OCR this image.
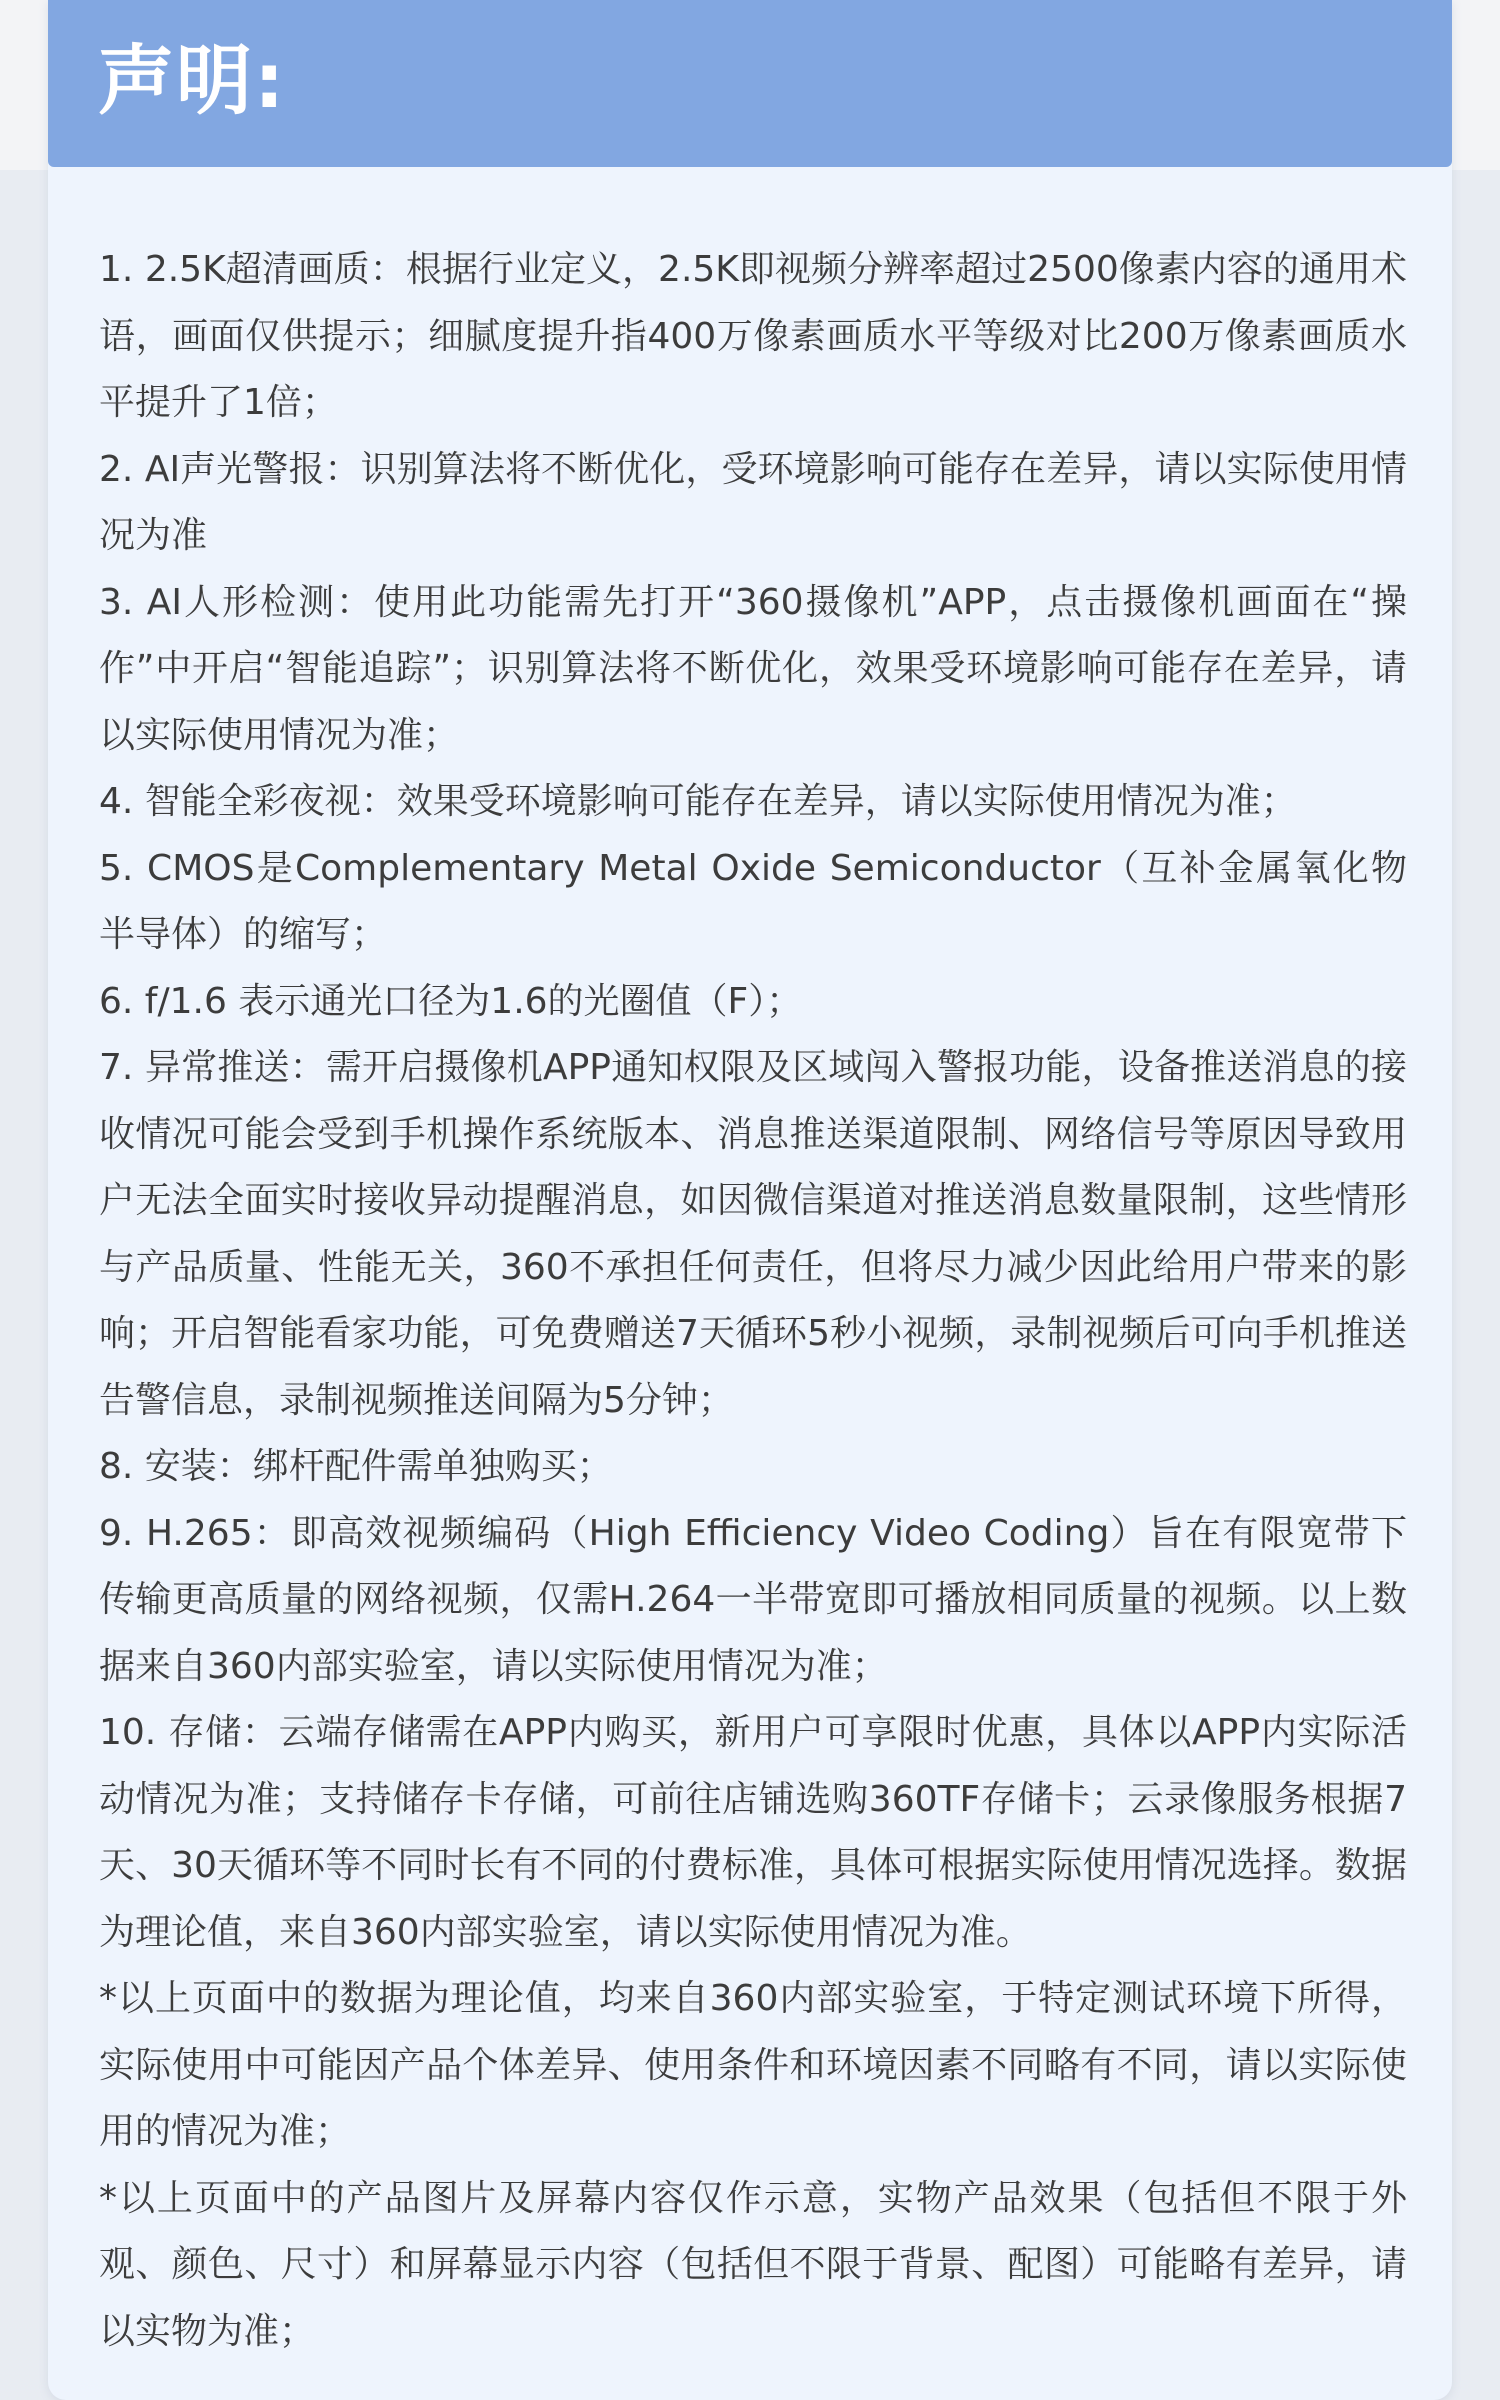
声明:

1. 2.5K超清画质：根据行业定义，2.5K即视频分辨率超过2500像素内容的通用术语，画面仅供提示；细腻度提升指400万像素画质水平等级对比200万像素画质水平提升了1倍；

2. AI声光警报：识别算法将不断优化，受环境影响可能存在差异，请以实际使用情况为准

3. AI人形检测：使用此功能需先打开“360摄像机”APP，点击摄像机画面在“操作”中开启“智能追踪”；识别算法将不断优化，效果受环境影响可能存在差异，请以实际使用情况为准；

4. 智能全彩夜视：效果受环境影响可能存在差异，请以实际使用情况为准；

5. CMOS是Complementary Metal Oxide Semiconductor（互补金属氧化物半导体）的缩写；

6. f/1.6 表示通光口径为1.6的光圈值（F）；

7. 异常推送：需开启摄像机APP通知权限及区域闯入警报功能，设备推送消息的接收情况可能会受到手机操作系统版本、消息推送渠道限制、网络信号等原因导致用户无法全面实时接收异动提醒消息，如因微信渠道对推送消息数量限制，这些情形与产品质量、性能无关，360不承担任何责任，但将尽力减少因此给用户带来的影响；开启智能看家功能，可免费赠送7天循环5秒小视频，录制视频后可向手机推送告警信息，录制视频推送间隔为5分钟；

8. 安装：绑杆配件需单独购买；

9. H.265：即高效视频编码（High Efficiency Video Coding）旨在有限宽带下传输更高质量的网络视频，仅需H.264一半带宽即可播放相同质量的视频。以上数据来自360内部实验室，请以实际使用情况为准；

10. 存储：云端存储需在APP内购买，新用户可享限时优惠，具体以APP内实际活动情况为准；支持储存卡存储，可前往店铺选购360TF存储卡；云录像服务根据7天、30天循环等不同时长有不同的付费标准，具体可根据实际使用情况选择。数据为理论值，来自360内部实验室，请以实际使用情况为准。

*以上页面中的数据为理论值，均来自360内部实验室，于特定测试环境下所得，实际使用中可能因产品个体差异、使用条件和环境因素不同略有不同，请以实际使用的情况为准；

*以上页面中的产品图片及屏幕内容仅作示意，实物产品效果（包括但不限于外观、颜色、尺寸）和屏幕显示内容（包括但不限于背景、配图）可能略有差异，请以实物为准；
